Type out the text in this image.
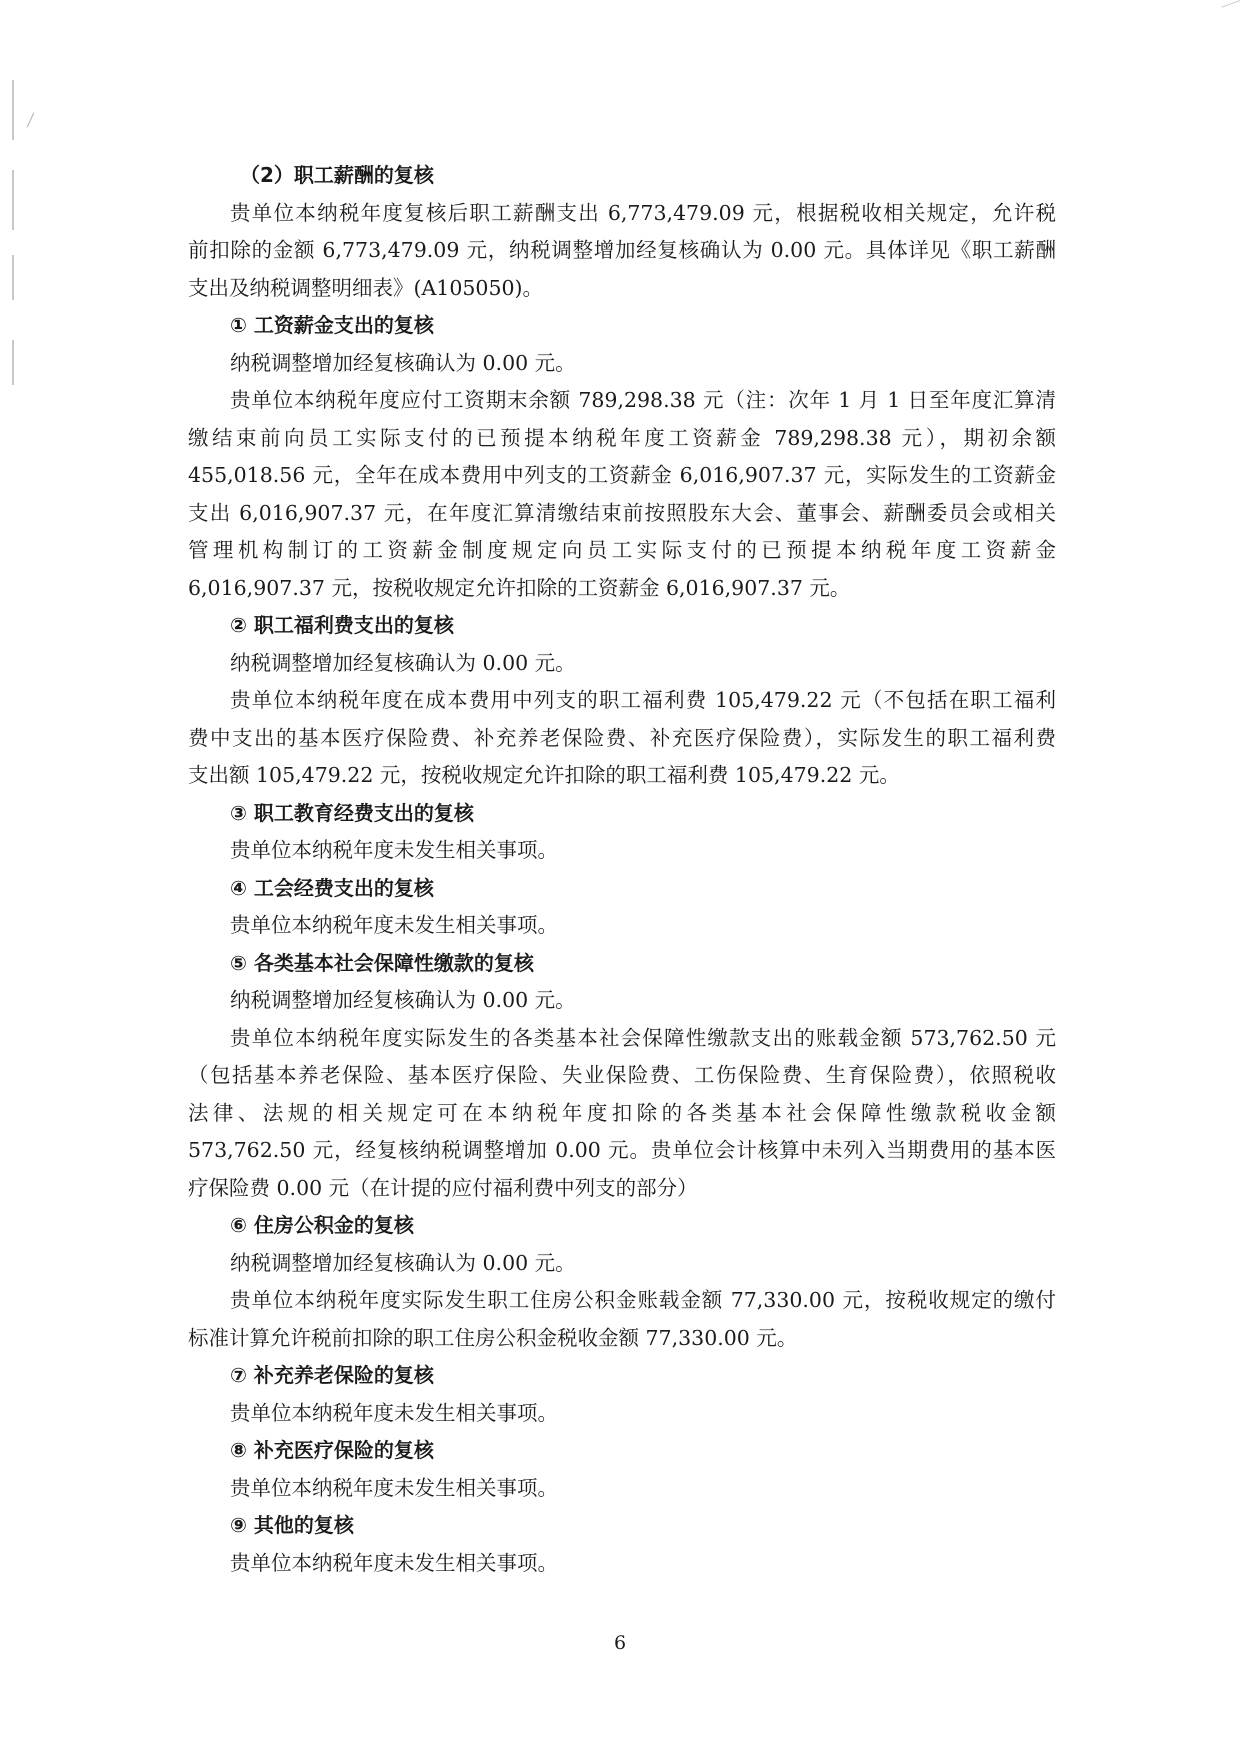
（2）职工薪酬的复核
贵单位本纳税年度复核后职工薪酬支出 6,773,479.09 元，根据税收相关规定，允许税
前扣除的金额 6,773,479.09 元，纳税调整增加经复核确认为 0.00 元。具体详见《职工薪酬
支出及纳税调整明细表》(A105050)。
① 工资薪金支出的复核
纳税调整增加经复核确认为 0.00 元。
贵单位本纳税年度应付工资期末余额 789,298.38 元（注：次年 1 月 1 日至年度汇算清
缴结束前向员工实际支付的已预提本纳税年度工资薪金 789,298.38 元），期初余额
455,018.56 元，全年在成本费用中列支的工资薪金 6,016,907.37 元，实际发生的工资薪金
支出 6,016,907.37 元，在年度汇算清缴结束前按照股东大会、董事会、薪酬委员会或相关
管理机构制订的工资薪金制度规定向员工实际支付的已预提本纳税年度工资薪金
6,016,907.37 元，按税收规定允许扣除的工资薪金 6,016,907.37 元。
② 职工福利费支出的复核
纳税调整增加经复核确认为 0.00 元。
贵单位本纳税年度在成本费用中列支的职工福利费 105,479.22 元（不包括在职工福利
费中支出的基本医疗保险费、补充养老保险费、补充医疗保险费），实际发生的职工福利费
支出额 105,479.22 元，按税收规定允许扣除的职工福利费 105,479.22 元。
③ 职工教育经费支出的复核
贵单位本纳税年度未发生相关事项。
④ 工会经费支出的复核
贵单位本纳税年度未发生相关事项。
⑤ 各类基本社会保障性缴款的复核
纳税调整增加经复核确认为 0.00 元。
贵单位本纳税年度实际发生的各类基本社会保障性缴款支出的账载金额 573,762.50 元
（包括基本养老保险、基本医疗保险、失业保险费、工伤保险费、生育保险费），依照税收
法律、法规的相关规定可在本纳税年度扣除的各类基本社会保障性缴款税收金额
573,762.50 元，经复核纳税调整增加 0.00 元。贵单位会计核算中未列入当期费用的基本医
疗保险费 0.00 元（在计提的应付福利费中列支的部分）
⑥ 住房公积金的复核
纳税调整增加经复核确认为 0.00 元。
贵单位本纳税年度实际发生职工住房公积金账载金额 77,330.00 元，按税收规定的缴付
标准计算允许税前扣除的职工住房公积金税收金额 77,330.00 元。
⑦ 补充养老保险的复核
贵单位本纳税年度未发生相关事项。
⑧ 补充医疗保险的复核
贵单位本纳税年度未发生相关事项。
⑨ 其他的复核
贵单位本纳税年度未发生相关事项。
6
